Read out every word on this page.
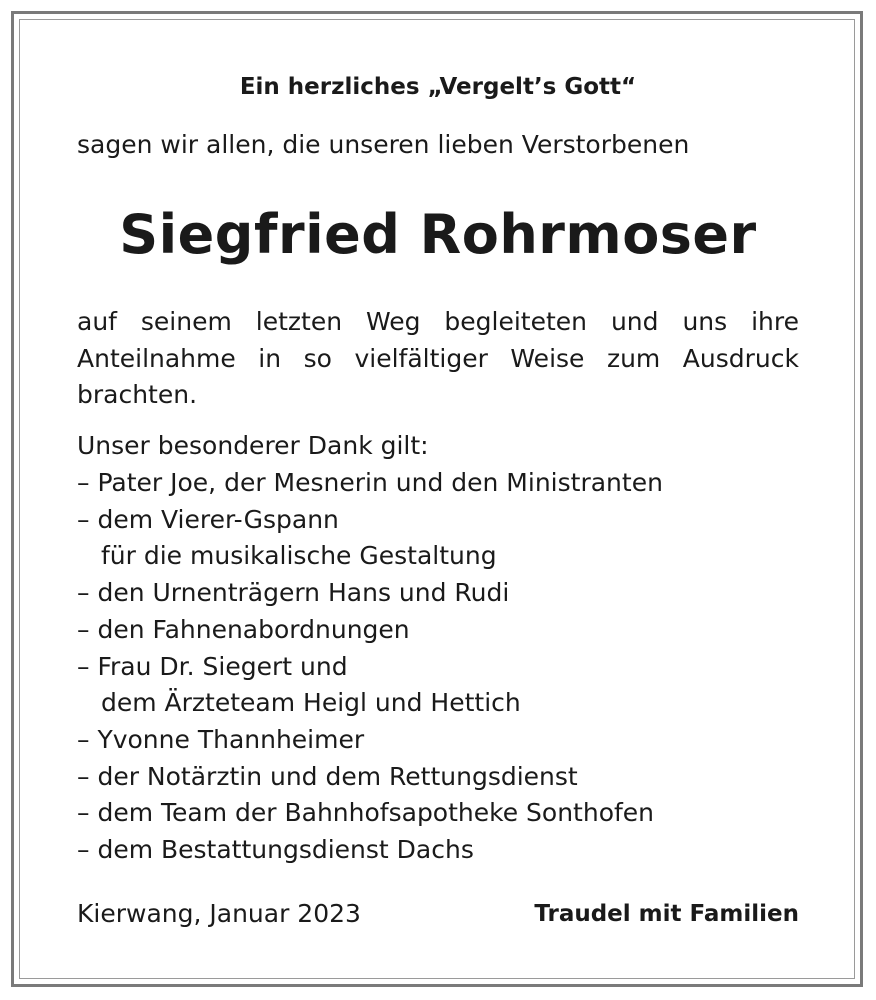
Ein herzliches „Vergelt’s Gott“
sagen wir allen, die unseren lieben Verstorbenen
Siegfried Rohrmoser
auf seinem letzten Weg begleiteten und uns ihre Anteilnahme in so vielfältiger Weise zum Ausdruck brachten.
Unser besonderer Dank gilt:
– Pater Joe, der Mesnerin und den Ministranten
– dem Vierer-Gspann
für die musikalische Gestaltung
– den Urnenträgern Hans und Rudi
– den Fahnenabordnungen
– Frau Dr. Siegert und
dem Ärzteteam Heigl und Hettich
– Yvonne Thannheimer
– der Notärztin und dem Rettungsdienst
– dem Team der Bahnhofsapotheke Sonthofen
– dem Bestattungsdienst Dachs
Kierwang, Januar 2023	Traudel mit Familien
